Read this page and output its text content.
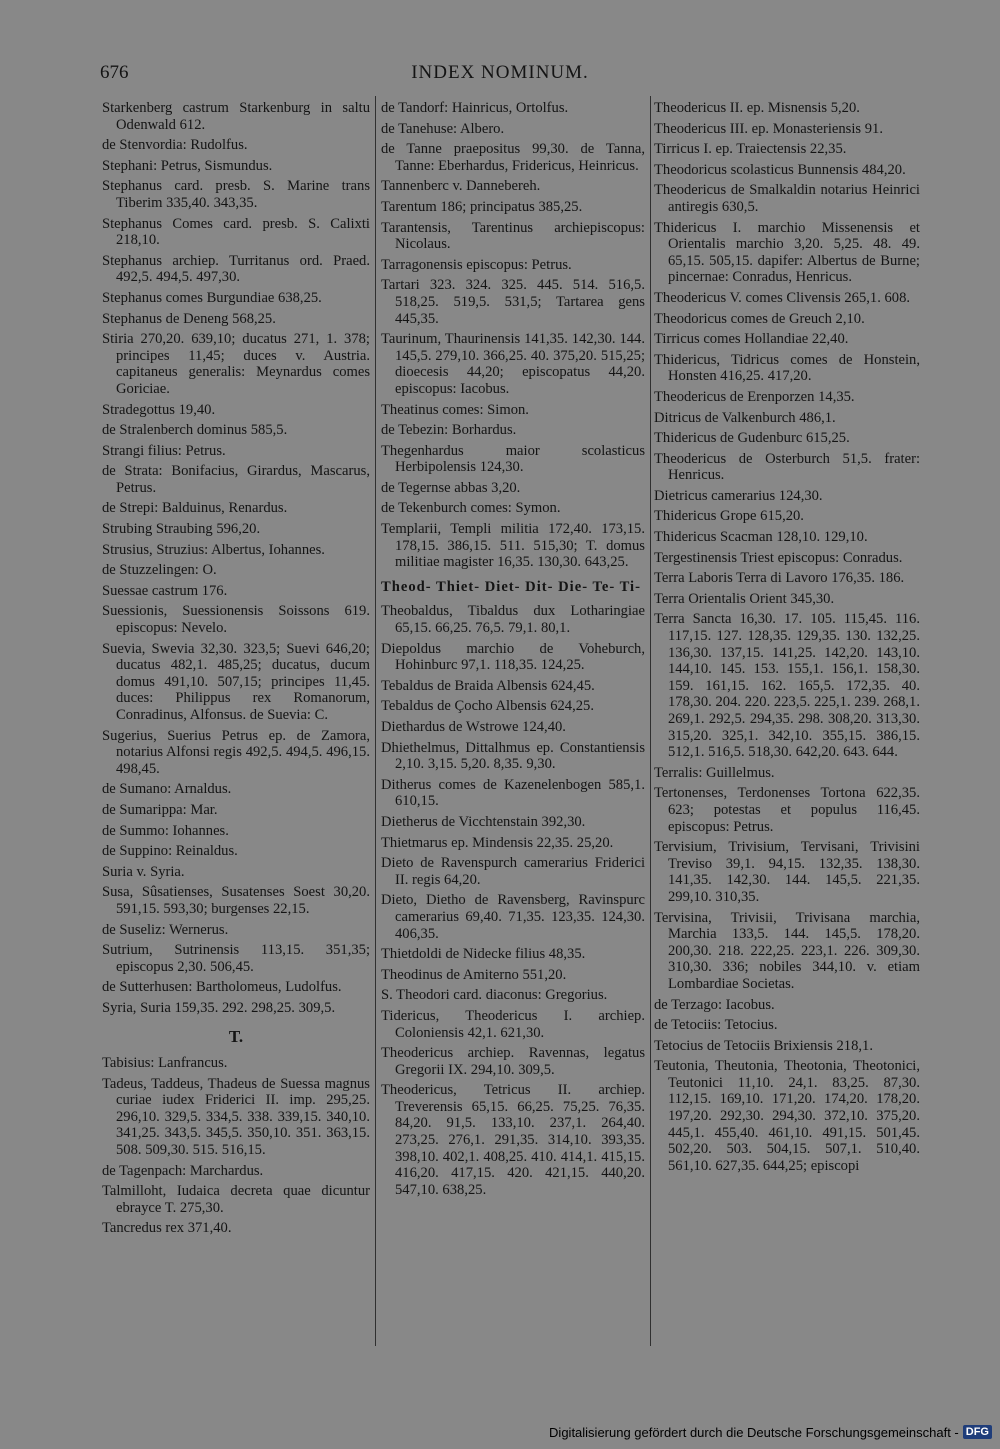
676	INDEX NOMINUM.
Starkenberg castrum Starkenburg in saltu Odenwald 612.
de Stenvordia: Rudolfus.
Stephani: Petrus, Sismundus.
Stephanus card. presb. S. Marine trans Tiberim 335,40. 343,35.
Stephanus Comes card. presb. S. Calixti 218,10.
Stephanus archiep. Turritanus ord. Praed. 492,5. 494,5. 497,30.
Stephanus comes Burgundiae 638,25.
Stephanus de Deneng 568,25.
Stiria 270,20. 639,10; ducatus 271, 1. 378; principes 11,45; duces v. Austria. capitaneus generalis: Meynardus comes Goriciae.
Stradegottus 19,40.
de Stralenberch dominus 585,5.
Strangi filius: Petrus.
de Strata: Bonifacius, Girardus, Mascarus, Petrus.
de Strepi: Balduinus, Renardus.
Strubing Straubing 596,20.
Strusius, Struzius: Albertus, Iohannes.
de Stuzzelingen: O.
Suessae castrum 176.
Suessionis, Suessionensis Soissons 619. episcopus: Nevelo.
Suevia, Swevia 32,30. 323,5; Suevi 646,20; ducatus 482,1. 485,25; ducatus, ducum domus 491,10. 507,15; principes 11,45. duces: Philippus rex Romanorum, Conradinus, Alfonsus. de Suevia: C.
Sugerius, Suerius Petrus ep. de Zamora, notarius Alfonsi regis 492,5. 494,5. 496,15. 498,45.
de Sumano: Arnaldus.
de Sumarippa: Mar.
de Summo: Iohannes.
de Suppino: Reinaldus.
Suria v. Syria.
Susa, Sûsatienses, Susatenses Soest 30,20. 591,15. 593,30; burgenses 22,15.
de Suseliz: Wernerus.
Sutrium, Sutrinensis 113,15. 351,35; episcopus 2,30. 506,45.
de Sutterhusen: Bartholomeus, Ludolfus.
Syria, Suria 159,35. 292. 298,25. 309,5.
T.
Tabisius: Lanfrancus.
Tadeus, Taddeus, Thadeus de Suessa magnus curiae iudex Friderici II. imp. 295,25. 296,10. 329,5. 334,5. 338. 339,15. 340,10. 341,25. 343,5. 345,5. 350,10. 351. 363,15. 508. 509,30. 515. 516,15.
de Tagenpach: Marchardus.
Talmilloht, Iudaica decreta quae dicuntur ebrayce T. 275,30.
Tancredus rex 371,40.
de Tandorf: Hainricus, Ortolfus.
de Tanehuse: Albero.
de Tanne praepositus 99,30. de Tanna, Tanne: Eberhardus, Fridericus, Heinricus.
Tannenberc v. Dannebereh.
Tarentum 186; principatus 385,25.
Tarantensis, Tarentinus archiepiscopus: Nicolaus.
Tarragonensis episcopus: Petrus.
Tartari 323. 324. 325. 445. 514. 516,5. 518,25. 519,5. 531,5; Tartarea gens 445,35.
Taurinum, Thaurinensis 141,35. 142,30. 144. 145,5. 279,10. 366,25. 40. 375,20. 515,25; dioecesis 44,20; episcopatus 44,20. episcopus: Iacobus.
Theatinus comes: Simon.
de Tebezin: Borhardus.
Thegenhardus maior scolasticus Herbipolensis 124,30.
de Tegernse abbas 3,20.
de Tekenburch comes: Symon.
Templarii, Templi militia 172,40. 173,15. 178,15. 386,15. 511. 515,30; T. domus militiae magister 16,35. 130,30. 643,25.
Theod- Thiet- Diet- Dit- Die- Te- Ti-
Theobaldus, Tibaldus dux Lotharingiae 65,15. 66,25. 76,5. 79,1. 80,1.
Diepoldus marchio de Voheburch, Hohinburc 97,1. 118,35. 124,25.
Tebaldus de Braida Albensis 624,45.
Tebaldus de Çocho Albensis 624,25.
Diethardus de Wstrowe 124,40.
Dhiethelmus, Dittalhmus ep. Constantiensis 2,10. 3,15. 5,20. 8,35. 9,30.
Ditherus comes de Kazenelenbogen 585,1. 610,15.
Dietherus de Vicchtenstain 392,30.
Thietmarus ep. Mindensis 22,35. 25,20.
Dieto de Ravenspurch camerarius Friderici II. regis 64,20.
Dieto, Dietho de Ravensberg, Ravinspurc camerarius 69,40. 71,35. 123,35. 124,30. 406,35.
Thietdoldi de Nidecke filius 48,35.
Theodinus de Amiterno 551,20.
S. Theodori card. diaconus: Gregorius.
Tidericus, Theodericus I. archiep. Coloniensis 42,1. 621,30.
Theodericus archiep. Ravennas, legatus Gregorii IX. 294,10. 309,5.
Theodericus, Tetricus II. archiep. Treverensis 65,15. 66,25. 75,25. 76,35. 84,20. 91,5. 133,10. 237,1. 264,40. 273,25. 276,1. 291,35. 314,10. 393,35. 398,10. 402,1. 408,25. 410. 414,1. 415,15. 416,20. 417,15. 420. 421,15. 440,20. 547,10. 638,25.
Theodericus II. ep. Misnensis 5,20.
Theodericus III. ep. Monasteriensis 91.
Tirricus I. ep. Traiectensis 22,35.
Theodoricus scolasticus Bunnensis 484,20.
Theodericus de Smalkaldin notarius Heinrici antiregis 630,5.
Thidericus I. marchio Missenensis et Orientalis marchio 3,20. 5,25. 48. 49. 65,15. 505,15. dapifer: Albertus de Burne; pincernae: Conradus, Henricus.
Theodericus V. comes Clivensis 265,1. 608.
Theodoricus comes de Greuch 2,10.
Tirricus comes Hollandiae 22,40.
Thidericus, Tidricus comes de Honstein, Honsten 416,25. 417,20.
Theodericus de Erenporzen 14,35.
Ditricus de Valkenburch 486,1.
Thidericus de Gudenburc 615,25.
Theodericus de Osterburch 51,5. frater: Henricus.
Dietricus camerarius 124,30.
Thidericus Grope 615,20.
Thidericus Scacman 128,10. 129,10.
Tergestinensis Triest episcopus: Conradus.
Terra Laboris Terra di Lavoro 176,35. 186.
Terra Orientalis Orient 345,30.
Terra Sancta 16,30. 17. 105. 115,45. 116. 117,15. 127. 128,35. 129,35. 130. 132,25. 136,30. 137,15. 141,25. 142,20. 143,10. 144,10. 145. 153. 155,1. 156,1. 158,30. 159. 161,15. 162. 165,5. 172,35. 40. 178,30. 204. 220. 223,5. 225,1. 239. 268,1. 269,1. 292,5. 294,35. 298. 308,20. 313,30. 315,20. 325,1. 342,10. 355,15. 386,15. 512,1. 516,5. 518,30. 642,20. 643. 644.
Terralis: Guillelmus.
Tertonenses, Terdonenses Tortona 622,35. 623; potestas et populus 116,45. episcopus: Petrus.
Tervisium, Trivisium, Tervisani, Trivisini Treviso 39,1. 94,15. 132,35. 138,30. 141,35. 142,30. 144. 145,5. 221,35. 299,10. 310,35.
Tervisina, Trivisii, Trivisana marchia, Marchia 133,5. 144. 145,5. 178,20. 200,30. 218. 222,25. 223,1. 226. 309,30. 310,30. 336; nobiles 344,10. v. etiam Lombardiae Societas.
de Terzago: Iacobus.
de Tetociis: Tetocius.
Tetocius de Tetociis Brixiensis 218,1.
Teutonia, Theutonia, Theotonia, Theotonici, Teutonici 11,10. 24,1. 83,25. 87,30. 112,15. 169,10. 171,20. 174,20. 178,20. 197,20. 292,30. 294,30. 372,10. 375,20. 445,1. 455,40. 461,10. 491,15. 501,45. 502,20. 503. 504,15. 507,1. 510,40. 561,10. 627,35. 644,25; episcopi
Digitalisierung gefördert durch die Deutsche Forschungsgemeinschaft - DFG
